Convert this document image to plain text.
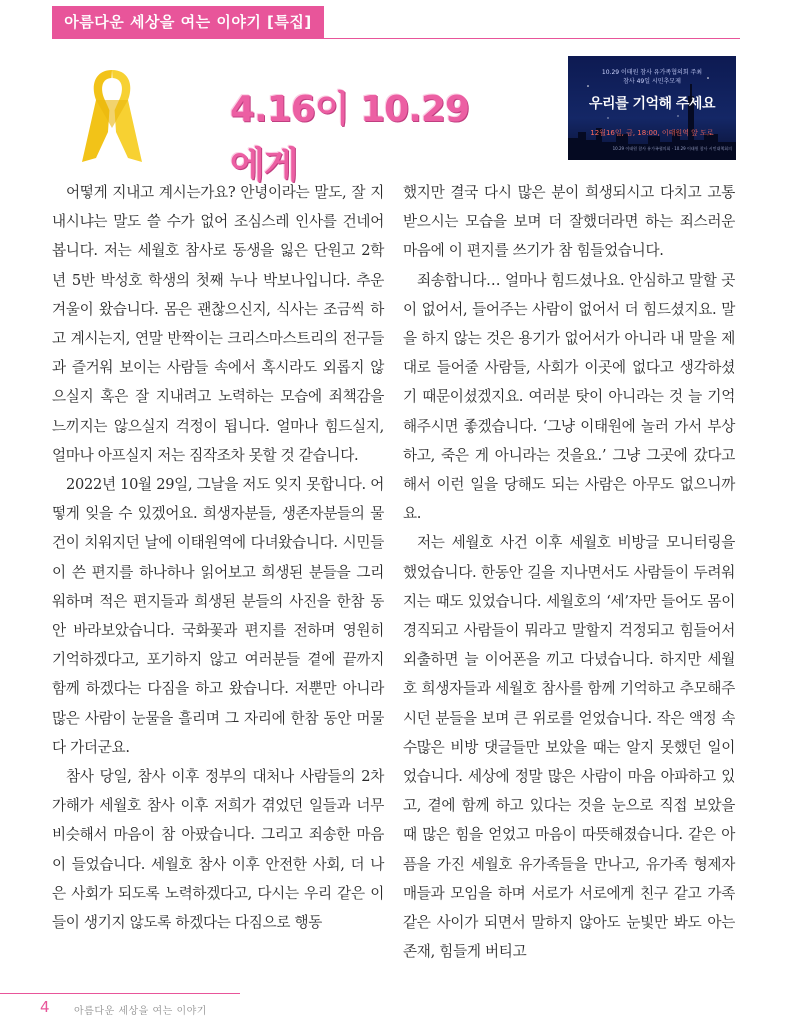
아름다운 세상을 여는 이야기 [특집]
4.16이 10.29에게
10.29 이태원 참사 유가족협의회 주최
참사 49일 시민추모제
우리를 기억해 주세요
12월16일, 금, 18:00, 이태원역 앞 도로
10.29 이태원 참사 유가족협의회 · 10.29 이태원 참사 시민대책회의

어떻게 지내고 계시는가요? 안녕이라는 말도, 잘 지내시냐는 말도 쓸 수가 없어 조심스레 인사를 건네어봅니다. 저는 세월호 참사로 동생을 잃은 단원고 2학년 5반 박성호 학생의 첫째 누나 박보나입니다. 추운 겨울이 왔습니다. 몸은 괜찮으신지, 식사는 조금씩 하고 계시는지, 연말 반짝이는 크리스마스트리의 전구들과 즐거워 보이는 사람들 속에서 혹시라도 외롭지 않으실지 혹은 잘 지내려고 노력하는 모습에 죄책감을 느끼지는 않으실지 걱정이 됩니다. 얼마나 힘드실지, 얼마나 아프실지 저는 짐작조차 못할 것 같습니다.

2022년 10월 29일, 그날을 저도 잊지 못합니다. 어떻게 잊을 수 있겠어요. 희생자분들, 생존자분들의 물건이 치워지던 날에 이태원역에 다녀왔습니다. 시민들이 쓴 편지를 하나하나 읽어보고 희생된 분들을 그리워하며 적은 편지들과 희생된 분들의 사진을 한참 동안 바라보았습니다. 국화꽃과 편지를 전하며 영원히 기억하겠다고, 포기하지 않고 여러분들 곁에 끝까지 함께 하겠다는 다짐을 하고 왔습니다. 저뿐만 아니라 많은 사람이 눈물을 흘리며 그 자리에 한참 동안 머물다 가더군요.

참사 당일, 참사 이후 정부의 대처나 사람들의 2차 가해가 세월호 참사 이후 저희가 겪었던 일들과 너무 비슷해서 마음이 참 아팠습니다. 그리고 죄송한 마음이 들었습니다. 세월호 참사 이후 안전한 사회, 더 나은 사회가 되도록 노력하겠다고, 다시는 우리 같은 이들이 생기지 않도록 하겠다는 다짐으로 행동

했지만 결국 다시 많은 분이 희생되시고 다치고 고통받으시는 모습을 보며 더 잘했더라면 하는 죄스러운 마음에 이 편지를 쓰기가 참 힘들었습니다.

죄송합니다… 얼마나 힘드셨나요. 안심하고 말할 곳이 없어서, 들어주는 사람이 없어서 더 힘드셨지요. 말을 하지 않는 것은 용기가 없어서가 아니라 내 말을 제대로 들어줄 사람들, 사회가 이곳에 없다고 생각하셨기 때문이셨겠지요. 여러분 탓이 아니라는 것 늘 기억해주시면 좋겠습니다. ‘그냥 이태원에 놀러 가서 부상하고, 죽은 게 아니라는 것을요.’ 그냥 그곳에 갔다고 해서 이런 일을 당해도 되는 사람은 아무도 없으니까요.

저는 세월호 사건 이후 세월호 비방글 모니터링을 했었습니다. 한동안 길을 지나면서도 사람들이 두려워지는 때도 있었습니다. 세월호의 ‘세’자만 들어도 몸이 경직되고 사람들이 뭐라고 말할지 걱정되고 힘들어서 외출하면 늘 이어폰을 끼고 다녔습니다. 하지만 세월호 희생자들과 세월호 참사를 함께 기억하고 추모해주시던 분들을 보며 큰 위로를 얻었습니다. 작은 액정 속 수많은 비방 댓글들만 보았을 때는 알지 못했던 일이었습니다. 세상에 정말 많은 사람이 마음 아파하고 있고, 곁에 함께 하고 있다는 것을 눈으로 직접 보았을 때 많은 힘을 얻었고 마음이 따뜻해졌습니다. 같은 아픔을 가진 세월호 유가족들을 만나고, 유가족 형제자매들과 모임을 하며 서로가 서로에게 친구 같고 가족 같은 사이가 되면서 말하지 않아도 눈빛만 봐도 아는 존재, 힘들게 버티고

4 아름다운 세상을 여는 이야기
